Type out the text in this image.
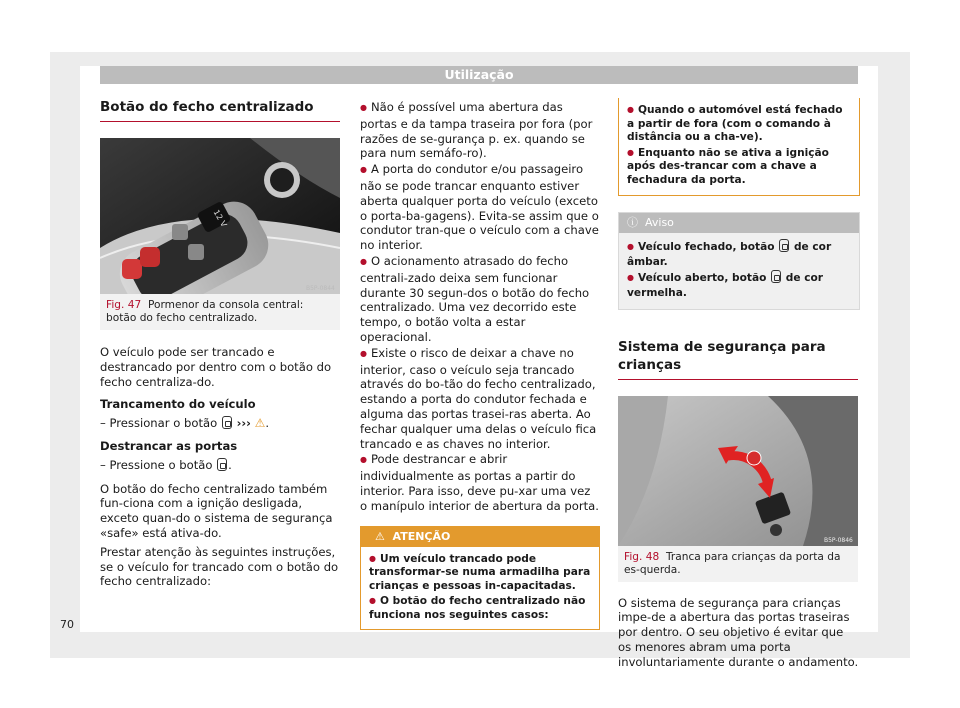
Utilização
Botão do fecho centralizado
12 V
B5P-0844
Fig. 47 Pormenor da consola central: botão do fecho centralizado.

O veículo pode ser trancado e destrancado por dentro com o botão do fecho centraliza-do.

Trancamento do veículo

– Pressionar o botão ››› ⚠.

Destrancar as portas

– Pressione o botão .

O botão do fecho centralizado também fun-ciona com a ignição desligada, exceto quan-do o sistema de segurança «safe» está ativa-do.

Prestar atenção às seguintes instruções, se o veículo for trancado com o botão do fecho centralizado:

● Não é possível uma abertura das portas e da tampa traseira por fora (por razões de se-gurança p. ex. quando se para num semáfo-ro).

● A porta do condutor e/ou passageiro não se pode trancar enquanto estiver aberta qualquer porta do veículo (exceto o porta-ba-gagens). Evita-se assim que o condutor tran-que o veículo com a chave no interior.

● O acionamento atrasado do fecho centrali-zado deixa sem funcionar durante 30 segun-dos o botão do fecho centralizado. Uma vez decorrido este tempo, o botão volta a estar operacional.

● Existe o risco de deixar a chave no interior, caso o veículo seja trancado através do bo-tão do fecho centralizado, estando a porta do condutor fechada e alguma das portas trasei-ras aberta. Ao fechar qualquer uma delas o veículo fica trancado e as chaves no interior.

● Pode destrancar e abrir individualmente as portas a partir do interior. Para isso, deve pu-xar uma vez o manípulo interior de abertura da porta.

⚠ ATENÇÃO

● Um veículo trancado pode transformar-se numa armadilha para crianças e pessoas in-capacitadas.

● O botão do fecho centralizado não funciona nos seguintes casos:

● Quando o automóvel está fechado a partir de fora (com o comando à distância ou a cha-ve).

● Enquanto não se ativa a ignição após des-trancar com a chave a fechadura da porta.

ⓘ Aviso

● Veículo fechado, botão de cor âmbar.

● Veículo aberto, botão de cor vermelha.

Sistema de segurança para crianças
B5P-0846
Fig. 48 Tranca para crianças da porta da es-querda.

O sistema de segurança para crianças impe-de a abertura das portas traseiras por dentro. O seu objetivo é evitar que os menores abram uma porta involuntariamente durante o andamento.

70
